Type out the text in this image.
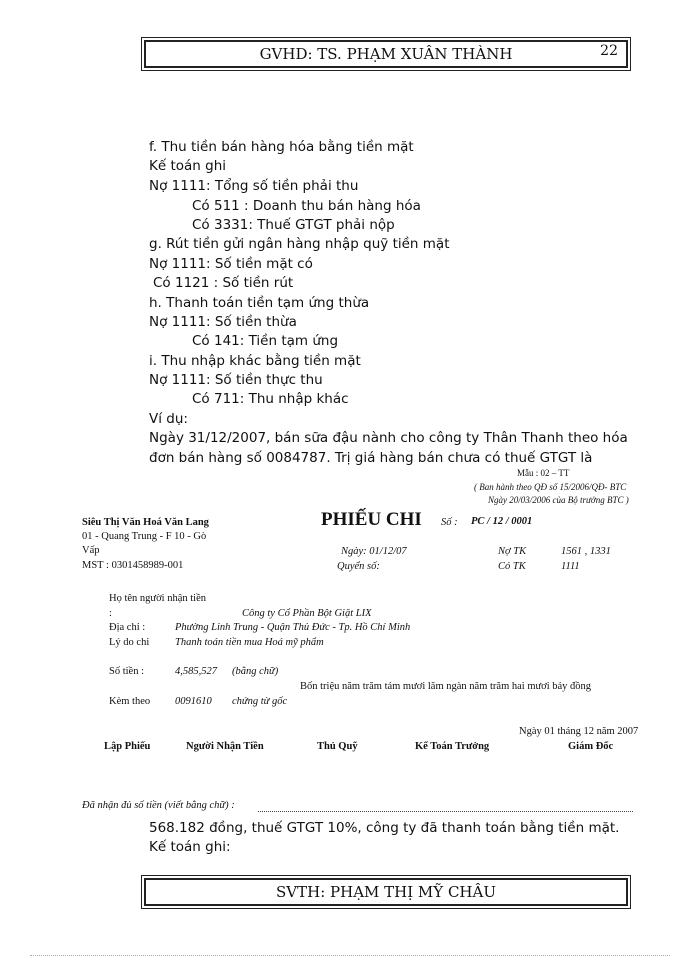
GVHD: TS. PHẠM XUÂN THÀNH	22
f. Thu tiền bán hàng hóa bằng tiền mặt
Kế toán ghi
Nợ 1111: Tổng số tiền phải thu
Có 511 : Doanh thu bán hàng hóa
Có 3331: Thuế GTGT phải nộp
g. Rút tiền gửi ngân hàng nhập quỹ tiền mặt
Nợ 1111: Số tiền mặt có
Có 1121 : Số tiền rút
h. Thanh toán tiền tạm ứng thừa
Nợ 1111: Số tiền thừa
Có 141: Tiền tạm ứng
i. Thu nhập khác bằng tiền mặt
Nợ 1111: Số tiền thực thu
Có 711: Thu nhập khác
Ví dụ:
Ngày 31/12/2007, bán sữa đậu nành cho công ty Thân Thanh theo hóa
đơn bán hàng số 0084787. Trị giá hàng bán chưa có thuế GTGT là
Mẫu : 02 – TT
( Ban hành theo QĐ số 15/2006/QĐ- BTC
Ngày 20/03/2006 của Bộ trưởng BTC )
Siêu Thị Văn Hoá Văn Lang
01 - Quang Trung - F 10 - Gò
Vấp
MST : 0301458989-001
PHIẾU CHI Số : PC / 12 / 0001
Ngày: 01/12/07
Quyển số:
Nợ TK	1561 , 1331
Có TK	1111
Họ tên người nhận tiền
:	Công ty Cổ Phần Bột Giặt LIX
Địa chỉ :	Phường Linh Trung - Quận Thủ Đức - Tp. Hồ Chí Minh
Lý do chi Thanh toán tiền mua Hoá mỹ phẩm
Số tiền :	4,585,527 (bằng chữ)
Bốn triệu năm trăm tám mươi lăm ngàn năm trăm hai mươi bảy đồng
Kèm theo 0091610 chứng từ gốc
Ngày 01 tháng 12 năm 2007
Lập Phiếu	Người Nhận Tiền	Thủ Quỹ	Kế Toán Trưởng	Giám Đốc
Đã nhận đủ số tiền (viết bằng chữ) :
568.182 đồng, thuế GTGT 10%, công ty đã thanh toán bằng tiền mặt.
Kế toán ghi:
SVTH: PHẠM THỊ MỸ CHÂU
